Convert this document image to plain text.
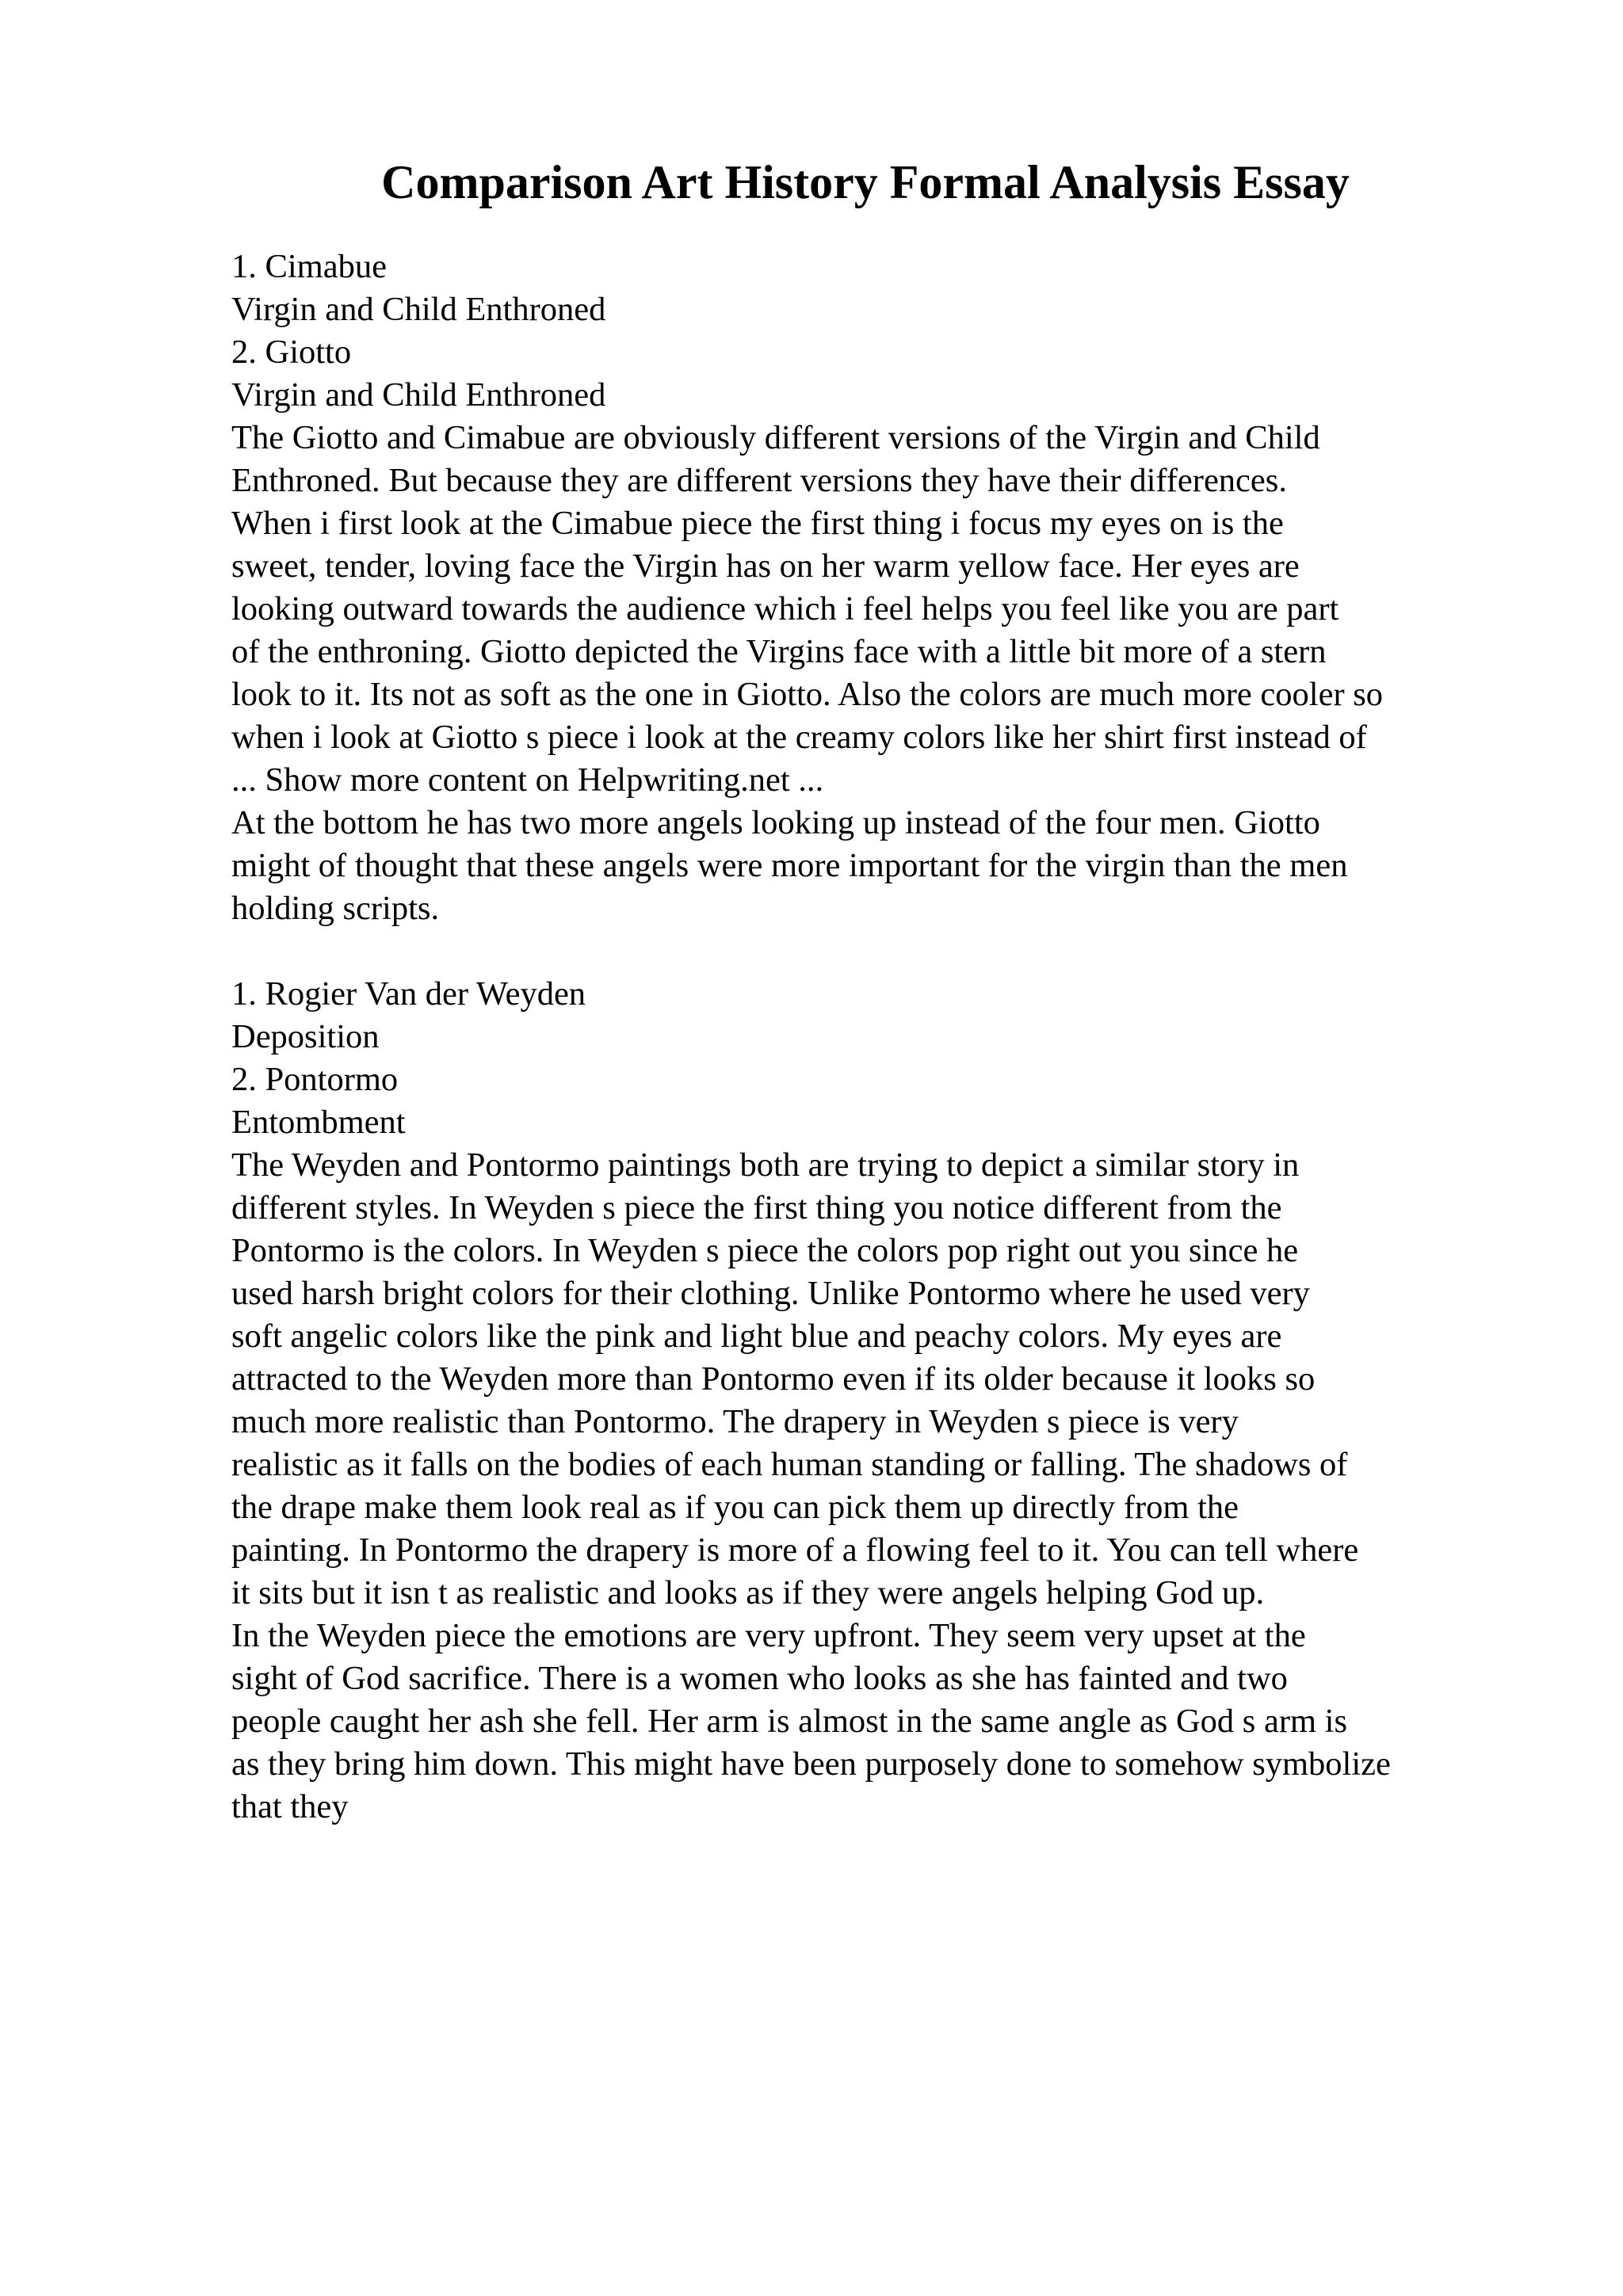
Comparison Art History Formal Analysis Essay
1. Cimabue
Virgin and Child Enthroned
2. Giotto
Virgin and Child Enthroned
The Giotto and Cimabue are obviously different versions of the Virgin and Child
Enthroned. But because they are different versions they have their differences.
When i first look at the Cimabue piece the first thing i focus my eyes on is the
sweet, tender, loving face the Virgin has on her warm yellow face. Her eyes are
looking outward towards the audience which i feel helps you feel like you are part
of the enthroning. Giotto depicted the Virgins face with a little bit more of a stern
look to it. Its not as soft as the one in Giotto. Also the colors are much more cooler so
when i look at Giotto s piece i look at the creamy colors like her shirt first instead of
... Show more content on Helpwriting.net ...
At the bottom he has two more angels looking up instead of the four men. Giotto
might of thought that these angels were more important for the virgin than the men
holding scripts.
1. Rogier Van der Weyden
Deposition
2. Pontormo
Entombment
The Weyden and Pontormo paintings both are trying to depict a similar story in
different styles. In Weyden s piece the first thing you notice different from the
Pontormo is the colors. In Weyden s piece the colors pop right out you since he
used harsh bright colors for their clothing. Unlike Pontormo where he used very
soft angelic colors like the pink and light blue and peachy colors. My eyes are
attracted to the Weyden more than Pontormo even if its older because it looks so
much more realistic than Pontormo. The drapery in Weyden s piece is very
realistic as it falls on the bodies of each human standing or falling. The shadows of
the drape make them look real as if you can pick them up directly from the
painting. In Pontormo the drapery is more of a flowing feel to it. You can tell where
it sits but it isn t as realistic and looks as if they were angels helping God up.
In the Weyden piece the emotions are very upfront. They seem very upset at the
sight of God sacrifice. There is a women who looks as she has fainted and two
people caught her ash she fell. Her arm is almost in the same angle as God s arm is
as they bring him down. This might have been purposely done to somehow symbolize
that they
